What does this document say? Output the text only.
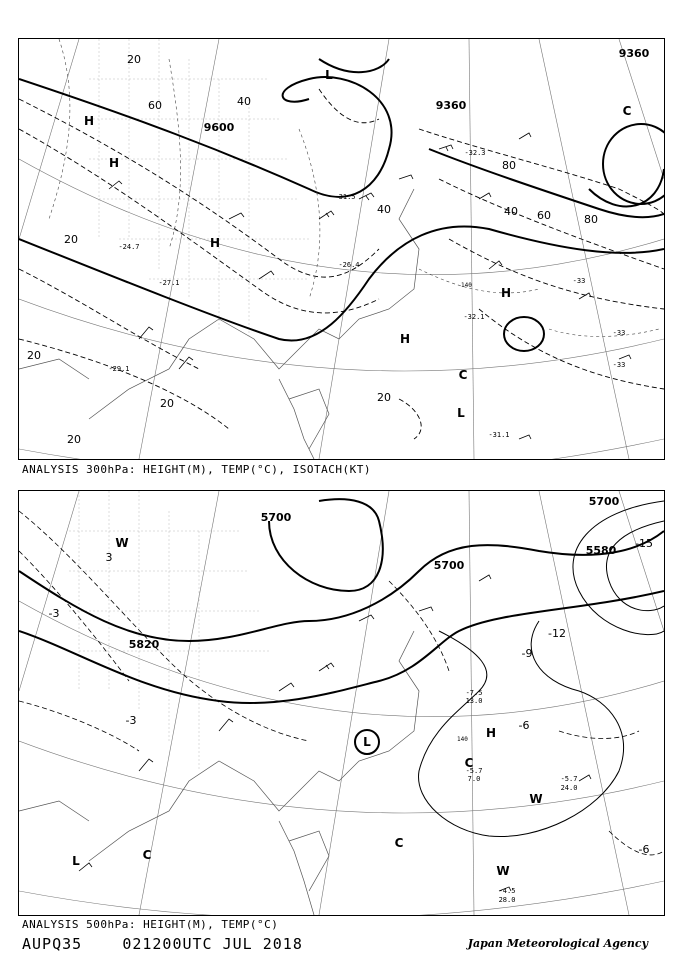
9360
9360
9600
20
40
60
80
40 60	80
40
20
20
20
20
20
L
H
H
H
H
H
C
L
C
-32.3
-33
-31.5
-26.4
-24.7
-32.1
-31.1
-29.1
-27.1
-33
-33
140
ANALYSIS 300hPa: HEIGHT(M), TEMP(°C), ISOTACH(KT)
5700
5700
5700
5820
5580
-15
-12
-9
-6
-3
3
-6
-3
W
L
C
C
H
W
W
C
L
-4.5
28.0
-5.7
24.0
-5.7
7.0
-7.5
13.0
140
ANALYSIS 500hPa: HEIGHT(M), TEMP(°C)
AUPQ35	021200UTC JUL 2018	Japan Meteorological Agency
